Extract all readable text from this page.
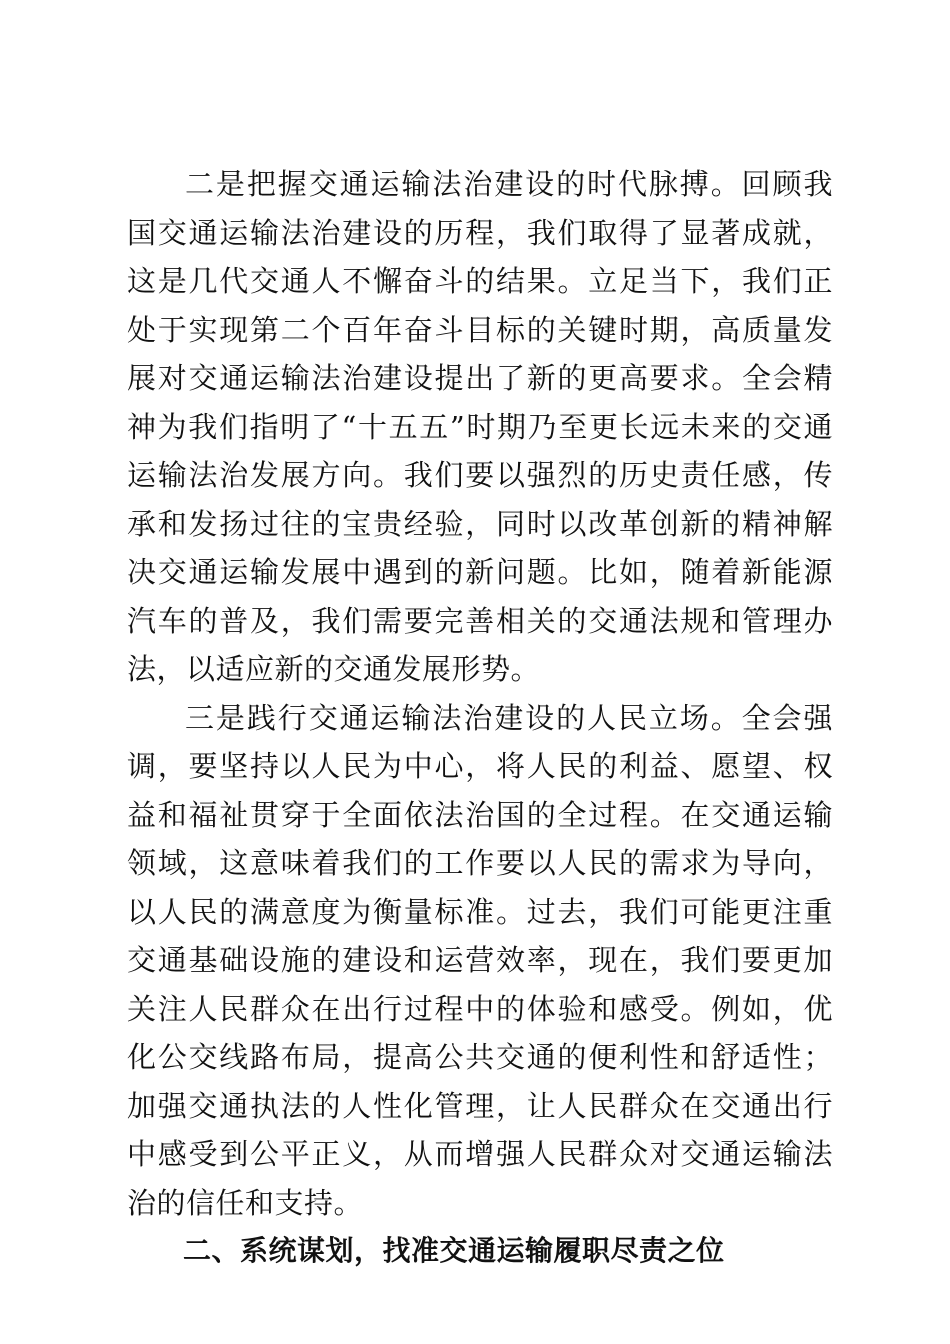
二是把握交通运输法治建设的时代脉搏。回顾我国交通运输法治建设的历程，我们取得了显著成就，这是几代交通人不懈奋斗的结果。立足当下，我们正处于实现第二个百年奋斗目标的关键时期，高质量发展对交通运输法治建设提出了新的更高要求。全会精神为我们指明了“十五五”时期乃至更长远未来的交通运输法治发展方向。我们要以强烈的历史责任感，传承和发扬过往的宝贵经验，同时以改革创新的精神解决交通运输发展中遇到的新问题。比如，随着新能源汽车的普及，我们需要完善相关的交通法规和管理办法，以适应新的交通发展形势。

三是践行交通运输法治建设的人民立场。全会强调，要坚持以人民为中心，将人民的利益、愿望、权益和福祉贯穿于全面依法治国的全过程。在交通运输领域，这意味着我们的工作要以人民的需求为导向，以人民的满意度为衡量标准。过去，我们可能更注重交通基础设施的建设和运营效率，现在，我们要更加关注人民群众在出行过程中的体验和感受。例如，优化公交线路布局，提高公共交通的便利性和舒适性；加强交通执法的人性化管理，让人民群众在交通出行中感受到公平正义，从而增强人民群众对交通运输法治的信任和支持。

二、系统谋划，找准交通运输履职尽责之位
